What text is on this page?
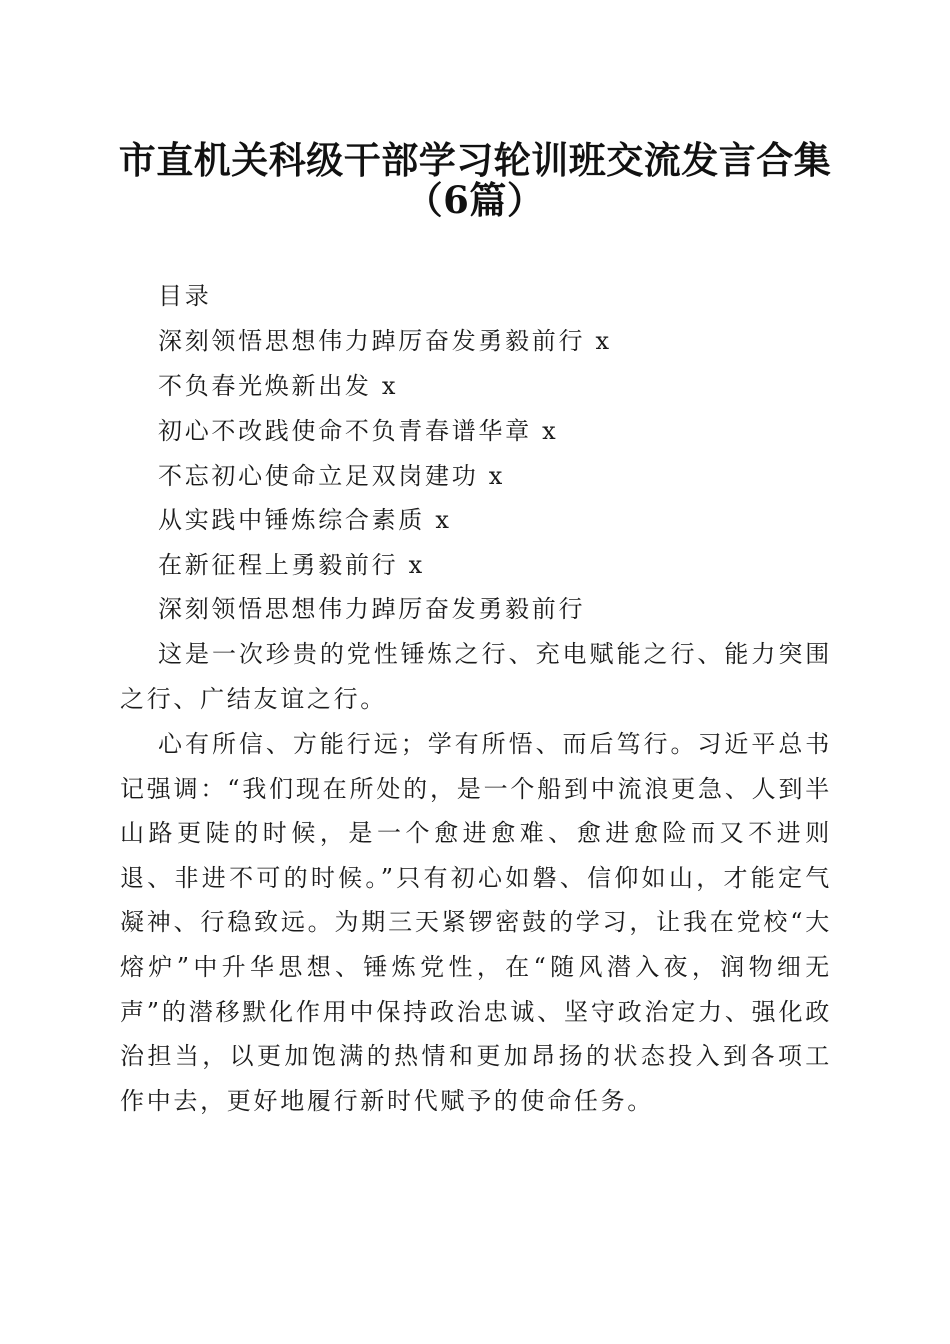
市直机关科级干部学习轮训班交流发言合集
（6篇）
目录
深刻领悟思想伟力踔厉奋发勇毅前行 x
不负春光焕新出发 x
初心不改践使命不负青春谱华章 x
不忘初心使命立足双岗建功 x
从实践中锤炼综合素质 x
在新征程上勇毅前行 x
深刻领悟思想伟力踔厉奋发勇毅前行

这是一次珍贵的党性锤炼之行、充电赋能之行、能力突围之行、广结友谊之行。

心有所信、方能行远；学有所悟、而后笃行。习近平总书记强调：“我们现在所处的，是一个船到中流浪更急、人到半山路更陡的时候，是一个愈进愈难、愈进愈险而又不进则退、非进不可的时候。”只有初心如磐、信仰如山，才能定气凝神、行稳致远。为期三天紧锣密鼓的学习，让我在党校“大熔炉”中升华思想、锤炼党性，在“随风潜入夜，润物细无声”的潜移默化作用中保持政治忠诚、坚守政治定力、强化政治担当，以更加饱满的热情和更加昂扬的状态投入到各项工作中去，更好地履行新时代赋予的使命任务。
